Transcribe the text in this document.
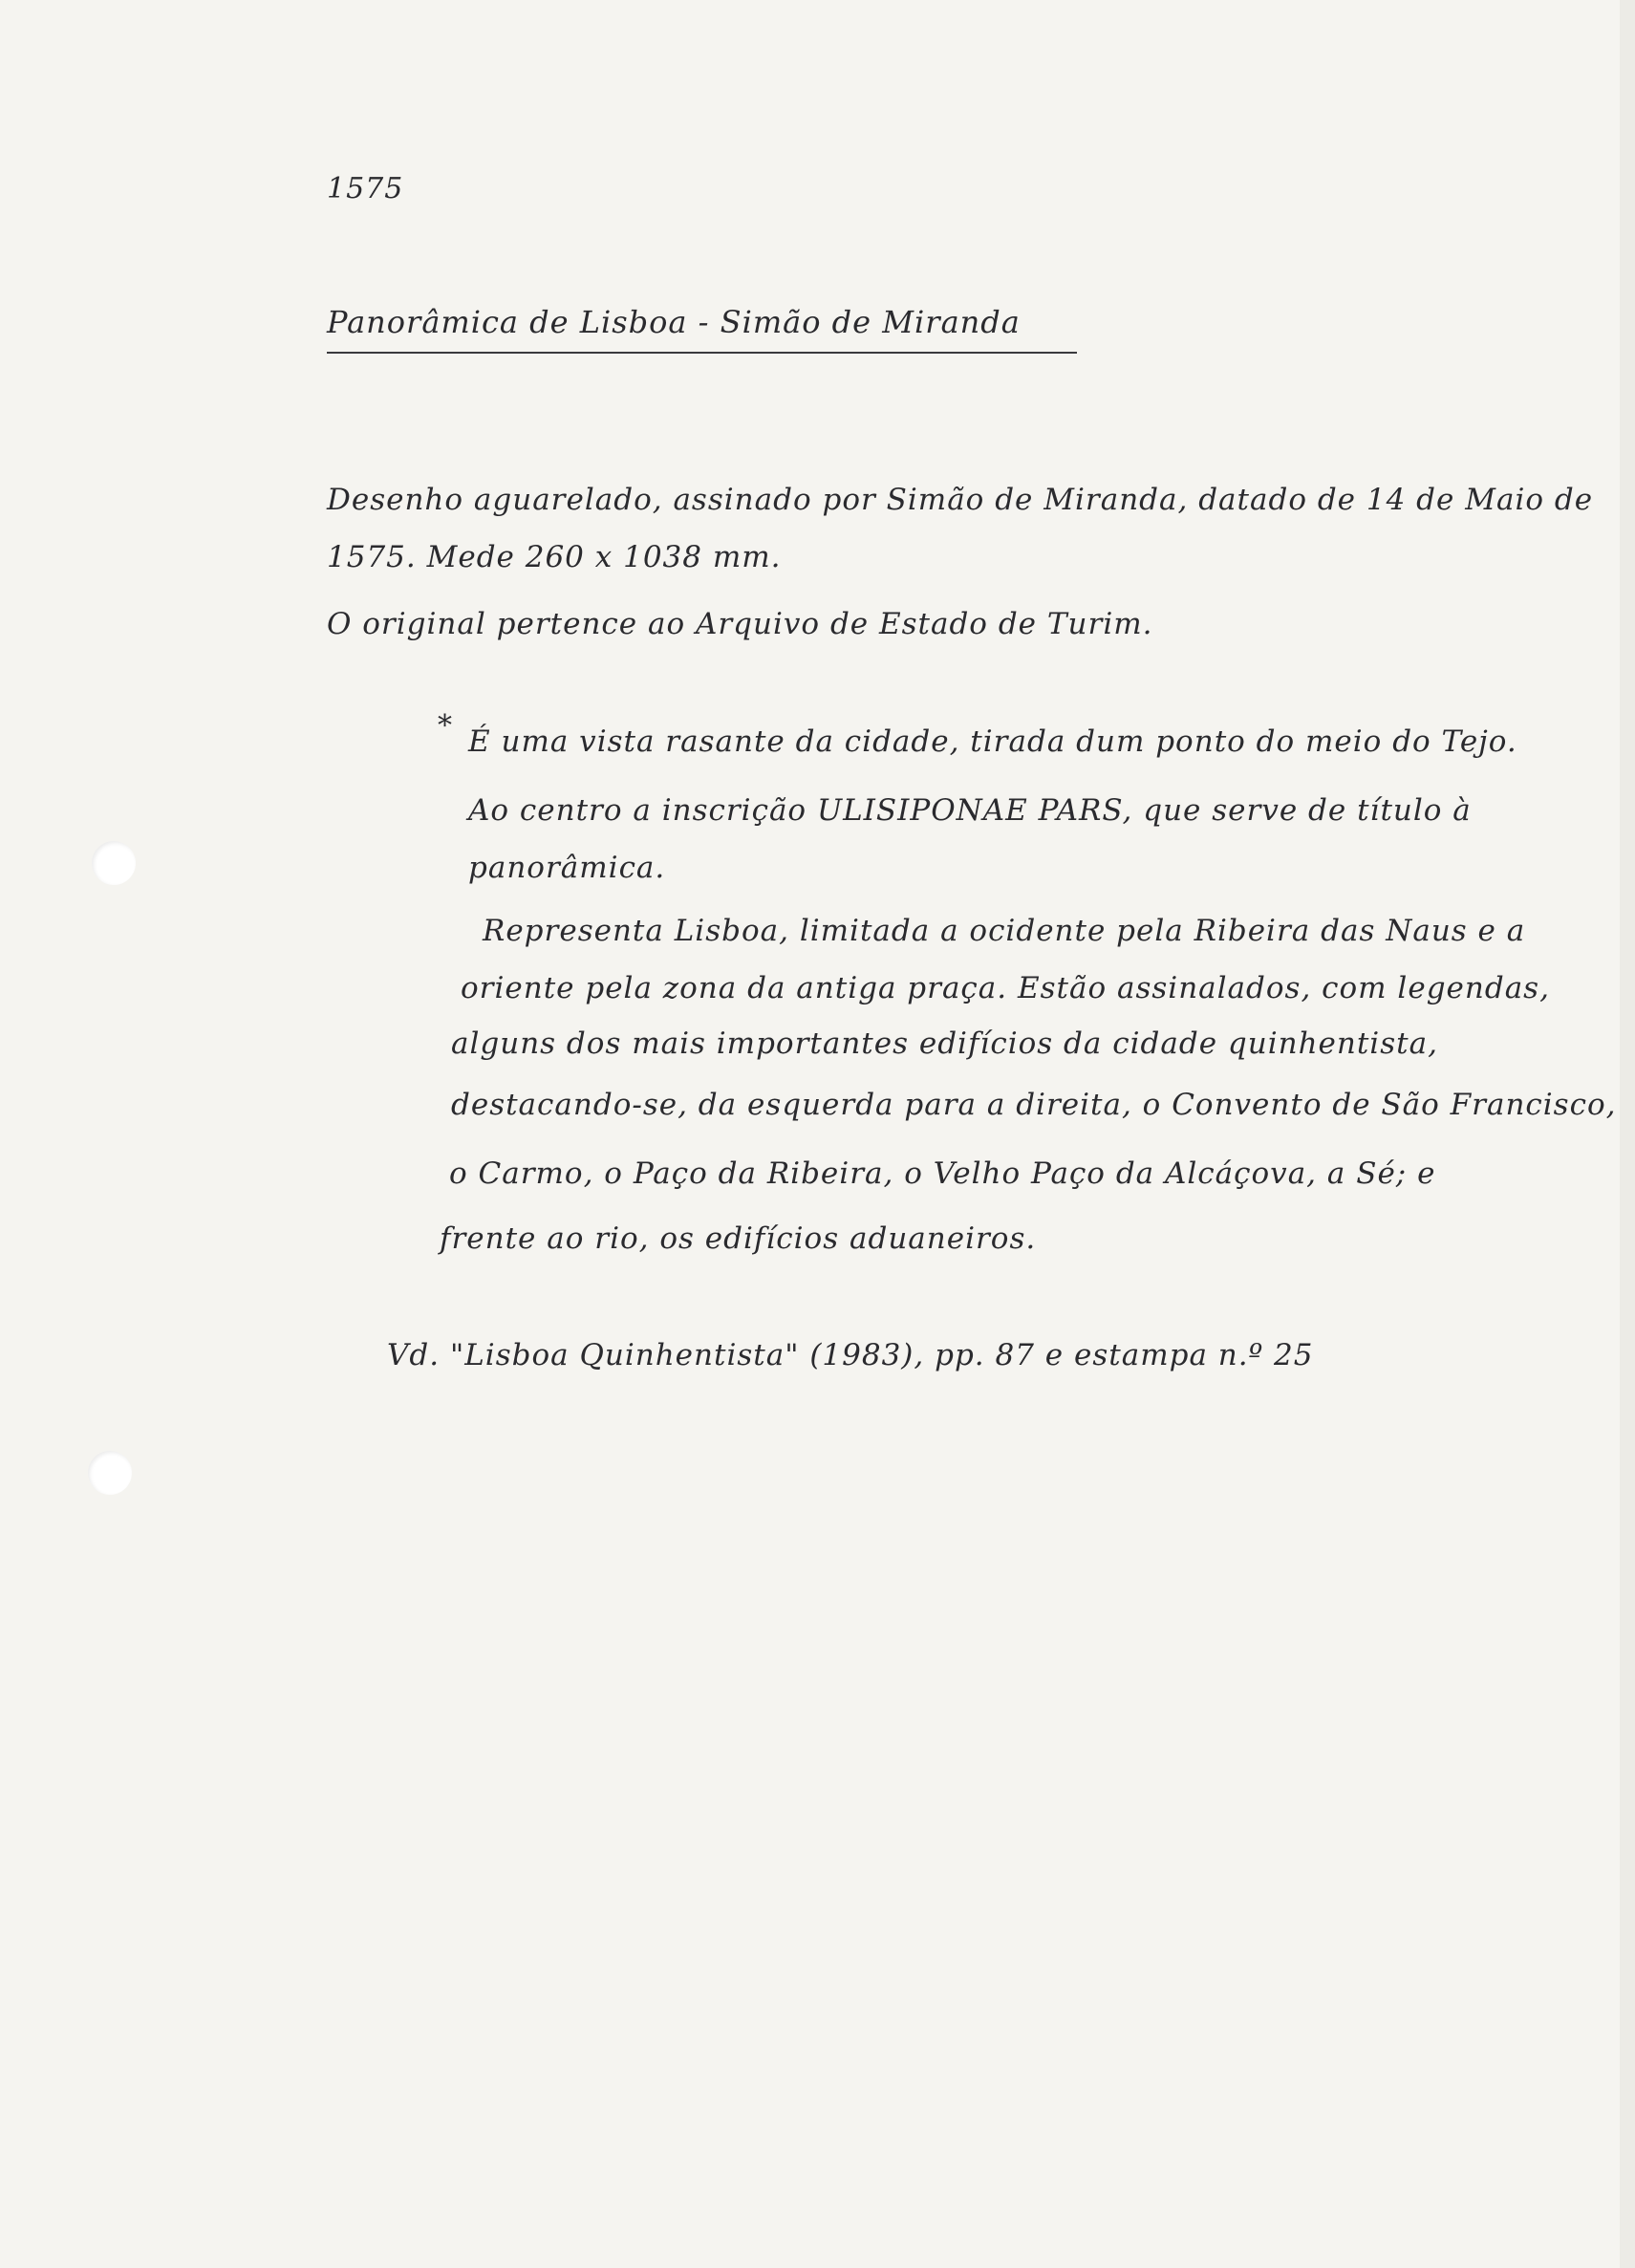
1575
Panorâmica de Lisboa - Simão de Miranda
Desenho aguarelado, assinado por Simão de Miranda, datado de 14 de Maio de
1575. Mede 260 x 1038 mm.
O original pertence ao Arquivo de Estado de Turim.
* É uma vista rasante da cidade, tirada dum ponto do meio do Tejo.
Ao centro a inscrição ULISIPONAE PARS, que serve de título à
panorâmica.
Representa Lisboa, limitada a ocidente pela Ribeira das Naus e a
oriente pela zona da antiga praça. Estão assinalados, com legendas,
alguns dos mais importantes edifícios da cidade quinhentista,
destacando-se, da esquerda para a direita, o Convento de São Francisco,
o Carmo, o Paço da Ribeira, o Velho Paço da Alcáçova, a Sé; e
frente ao rio, os edifícios aduaneiros.
Vd. "Lisboa Quinhentista" (1983), pp. 87 e estampa n.º 25
